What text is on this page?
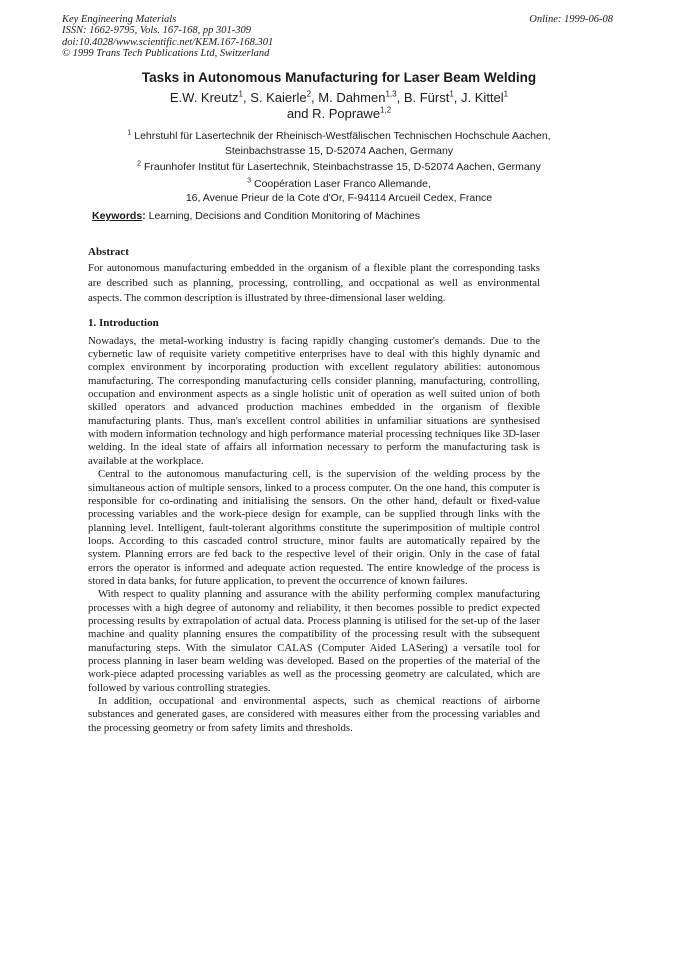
Key Engineering Materials
ISSN: 1662-9795, Vols. 167-168, pp 301-309
doi:10.4028/www.scientific.net/KEM.167-168.301
© 1999 Trans Tech Publications Ltd, Switzerland
Online: 1999-06-08
Tasks in Autonomous Manufacturing for Laser Beam Welding
E.W. Kreutz$^1$, S. Kaierle$^2$, M. Dahmen$^{1,3}$, B. Fürst$^1$, J. Kittel$^1$
and R. Poprawe$^{1,2}$
$^1$ Lehrstuhl für Lasertechnik der Rheinisch-Westfälischen Technischen Hochschule Aachen,
Steinbachstrasse 15, D-52074 Aachen, Germany
$^2$ Fraunhofer Institut für Lasertechnik, Steinbachstrasse 15, D-52074 Aachen, Germany
$^3$ Coopération Laser Franco Allemande,
16, Avenue Prieur de la Cote d'Or, F-94114 Arcueil Cedex, France
Keywords: Learning, Decisions and Condition Monitoring of Machines
Abstract

For autonomous manufacturing embedded in the organism of a flexible plant the corresponding tasks are described such as planning, processing, controlling, and occpational as well as environmental aspects. The common description is illustrated by three-dimensional laser welding.

1. Introduction

Nowadays, the metal-working industry is facing rapidly changing customer's demands. Due to the cybernetic law of requisite variety competitive enterprises have to deal with this highly dynamic and complex environment by incorporating production with excellent regulatory abilities: autonomous manufacturing. The corresponding manufacturing cells consider planning, manufacturing, controlling, occupation and environment aspects as a single holistic unit of operation as well suited union of both skilled operators and advanced production machines embedded in the organism of flexible manufacturing plants. Thus, man's excellent control abilities in unfamiliar situations are synthesised with modern information technology and high performance material processing techniques like 3D-laser welding. In the ideal state of affairs all information necessary to perform the manufacturing task is available at the workplace.

Central to the autonomous manufacturing cell, is the supervision of the welding process by the simultaneous action of multiple sensors, linked to a process computer. On the one hand, this computer is responsible for co-ordinating and initialising the sensors. On the other hand, default or fixed-value processing variables and the work-piece design for example, can be supplied through links with the planning level. Intelligent, fault-tolerant algorithms constitute the superimposition of multiple control loops. According to this cascaded control structure, minor faults are automatically repaired by the system. Planning errors are fed back to the respective level of their origin. Only in the case of fatal errors the operator is informed and adequate action requested. The entire knowledge of the process is stored in data banks, for future application, to prevent the occurrence of known failures.

With respect to quality planning and assurance with the ability performing complex manufacturing processes with a high degree of autonomy and reliability, it then becomes possible to predict expected processing results by extrapolation of actual data. Process planning is utilised for the set-up of the laser machine and quality planning ensures the compatibility of the processing result with the subsequent manufacturing steps. With the simulator CALAS (Computer Aided LASering) a versatile tool for process planning in laser beam welding was developed. Based on the properties of the material of the work-piece adapted processing variables as well as the processing geometry are calculated, which are followed by various controlling strategies.

In addition, occupational and environmental aspects, such as chemical reactions of airborne substances and generated gases, are considered with measures either from the processing variables and the processing geometry or from safety limits and thresholds.
